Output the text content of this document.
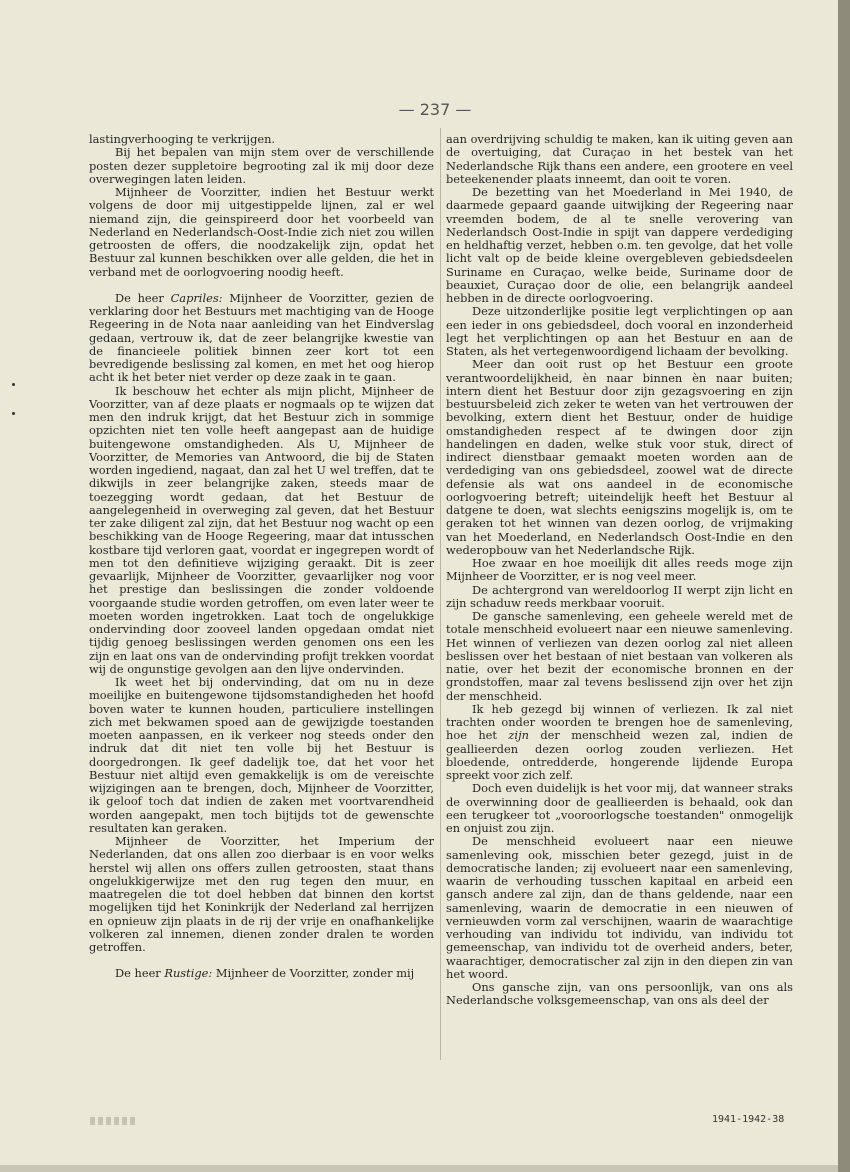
— 237 —

lastingverhooging te verkrijgen.

Bij het bepalen van mijn stem over de verschillende posten dezer suppletoire begrooting zal ik mij door deze overwegingen laten leiden.

Mijnheer de Voorzitter, indien het Bestuur werkt volgens de door mij uitgestippelde lijnen, zal er wel niemand zijn, die geinspireerd door het voorbeeld van Nederland en Nederlandsch-Oost-Indie zich niet zou willen getroosten de offers, die noodzakelijk zijn, opdat het Bestuur zal kunnen beschikken over alle gelden, die het in verband met de oorlogvoering noodig heeft.

De heer Capriles: Mijnheer de Voorzitter, gezien de verklaring door het Bestuurs met machtiging van de Hooge Regeering in de Nota naar aanleiding van het Eindverslag gedaan, vertrouw ik, dat de zeer belangrijke kwestie van de financieele politiek binnen zeer kort tot een bevredigende beslissing zal komen, en met het oog hierop acht ik het beter niet verder op deze zaak in te gaan.

Ik beschouw het echter als mijn plicht, Mijnheer de Voorzitter, van af deze plaats er nogmaals op te wijzen dat men den indruk krijgt, dat het Bestuur zich in sommige opzichten niet ten volle heeft aangepast aan de huidige buitengewone omstandigheden. Als U, Mijnheer de Voorzitter, de Memories van Antwoord, die bij de Staten worden ingediend, nagaat, dan zal het U wel treffen, dat te dikwijls in zeer belangrijke zaken, steeds maar de toezegging wordt gedaan, dat het Bestuur de aangelegenheid in overweging zal geven, dat het Bestuur ter zake diligent zal zijn, dat het Bestuur nog wacht op een beschikking van de Hooge Regeering, maar dat intusschen kostbare tijd verloren gaat, voordat er ingegrepen wordt of men tot den definitieve wijziging geraakt. Dit is zeer gevaarlijk, Mijnheer de Voorzitter, gevaarlijker nog voor het prestige dan beslissingen die zonder voldoende voorgaande studie worden getroffen, om even later weer te moeten worden ingetrokken. Laat toch de ongelukkige ondervinding door zooveel landen opgedaan omdat niet tijdig genoeg beslissingen werden genomen ons een les zijn en laat ons van de ondervinding profijt trekken voordat wij de ongunstige gevolgen aan den lijve ondervinden.

Ik weet het bij ondervinding, dat om nu in deze moeilijke en buitengewone tijdsomstandigheden het hoofd boven water te kunnen houden, particuliere instellingen zich met bekwamen spoed aan de gewijzigde toestanden moeten aanpassen, en ik verkeer nog steeds onder den indruk dat dit niet ten volle bij het Bestuur is doorgedrongen. Ik geef dadelijk toe, dat het voor het Bestuur niet altijd even gemakkelijk is om de vereischte wijzigingen aan te brengen, doch, Mijnheer de Voorzitter, ik geloof toch dat indien de zaken met voortvarendheid worden aangepakt, men toch bijtijds tot de gewenschte resultaten kan geraken.

Mijnheer de Voorzitter, het Imperium der Nederlanden, dat ons allen zoo dierbaar is en voor welks herstel wij allen ons offers zullen getroosten, staat thans ongelukkigerwijze met den rug tegen den muur, en maatregelen die tot doel hebben dat binnen den kortst mogelijken tijd het Koninkrijk der Nederland zal herrijzen en opnieuw zijn plaats in de rij der vrije en onafhankelijke volkeren zal innemen, dienen zonder dralen te worden getroffen.

De heer Rustige: Mijnheer de Voorzitter, zonder mij

aan overdrijving schuldig te maken, kan ik uiting geven aan de overtuiging, dat Curaçao in het bestek van het Nederlandsche Rijk thans een andere, een grootere en veel beteekenender plaats inneemt, dan ooit te voren.

De bezetting van het Moederland in Mei 1940, de daarmede gepaard gaande uitwijking der Regeering naar vreemden bodem, de al te snelle verovering van Nederlandsch Oost-Indie in spijt van dappere verdediging en heldhaftig verzet, hebben o.m. ten gevolge, dat het volle licht valt op de beide kleine overgebleven gebiedsdeelen Suriname en Curaçao, welke beide, Suriname door de beauxiet, Curaçao door de olie, een belangrijk aandeel hebben in de directe oorlogvoering.

Deze uitzonderlijke positie legt verplichtingen op aan een ieder in ons gebiedsdeel, doch vooral en inzonderheid legt het verplichtingen op aan het Bestuur en aan de Staten, als het vertegenwoordigend lichaam der bevolking.

Meer dan ooit rust op het Bestuur een groote verantwoordelijkheid, èn naar binnen èn naar buiten; intern dient het Bestuur door zijn gezagsvoering en zijn bestuursbeleid zich zeker te weten van het vertrouwen der bevolking, extern dient het Bestuur, onder de huidige omstandigheden respect af te dwingen door zijn handelingen en daden, welke stuk voor stuk, direct of indirect dienstbaar gemaakt moeten worden aan de verdediging van ons gebiedsdeel, zoowel wat de directe defensie als wat ons aandeel in de economische oorlogvoering betreft; uiteindelijk heeft het Bestuur al datgene te doen, wat slechts eenigszins mogelijk is, om te geraken tot het winnen van dezen oorlog, de vrijmaking van het Moederland, en Nederlandsch Oost-Indie en den wederopbouw van het Nederlandsche Rijk.

Hoe zwaar en hoe moeilijk dit alles reeds moge zijn Mijnheer de Voorzitter, er is nog veel meer.

De achtergrond van wereldoorlog II werpt zijn licht en zijn schaduw reeds merkbaar vooruit.

De gansche samenleving, een geheele wereld met de totale menschheid evolueert naar een nieuwe samenleving. Het winnen of verliezen van dezen oorlog zal niet alleen beslissen over het bestaan of niet bestaan van volkeren als natie, over het bezit der economische bronnen en der grondstoffen, maar zal tevens beslissend zijn over het zijn der menschheid.

Ik heb gezegd bij winnen of verliezen. Ik zal niet trachten onder woorden te brengen hoe de samenleving, hoe het zijn der menschheid wezen zal, indien de geallieerden dezen oorlog zouden verliezen. Het bloedende, ontredderde, hongerende lijdende Europa spreekt voor zich zelf.

Doch even duidelijk is het voor mij, dat wanneer straks de overwinning door de geallieerden is behaald, ook dan een terugkeer tot „vooroorlogsche toestanden" onmogelijk en onjuist zou zijn.

De menschheid evolueert naar een nieuwe samenleving ook, misschien beter gezegd, juist in de democratische landen; zij evolueert naar een samenleving, waarin de verhouding tusschen kapitaal en arbeid een gansch andere zal zijn, dan de thans geldende, naar een samenleving, waarin de democratie in een nieuwen of vernieuwden vorm zal verschijnen, waarin de waarachtige verhouding van individu tot individu, van individu tot gemeenschap, van individu tot de overheid anders, beter, waarachtiger, democratischer zal zijn in den diepen zin van het woord.

Ons gansche zijn, van ons persoonlijk, van ons als Nederlandsche volksgemeenschap, van ons als deel der

1941-1942-38
